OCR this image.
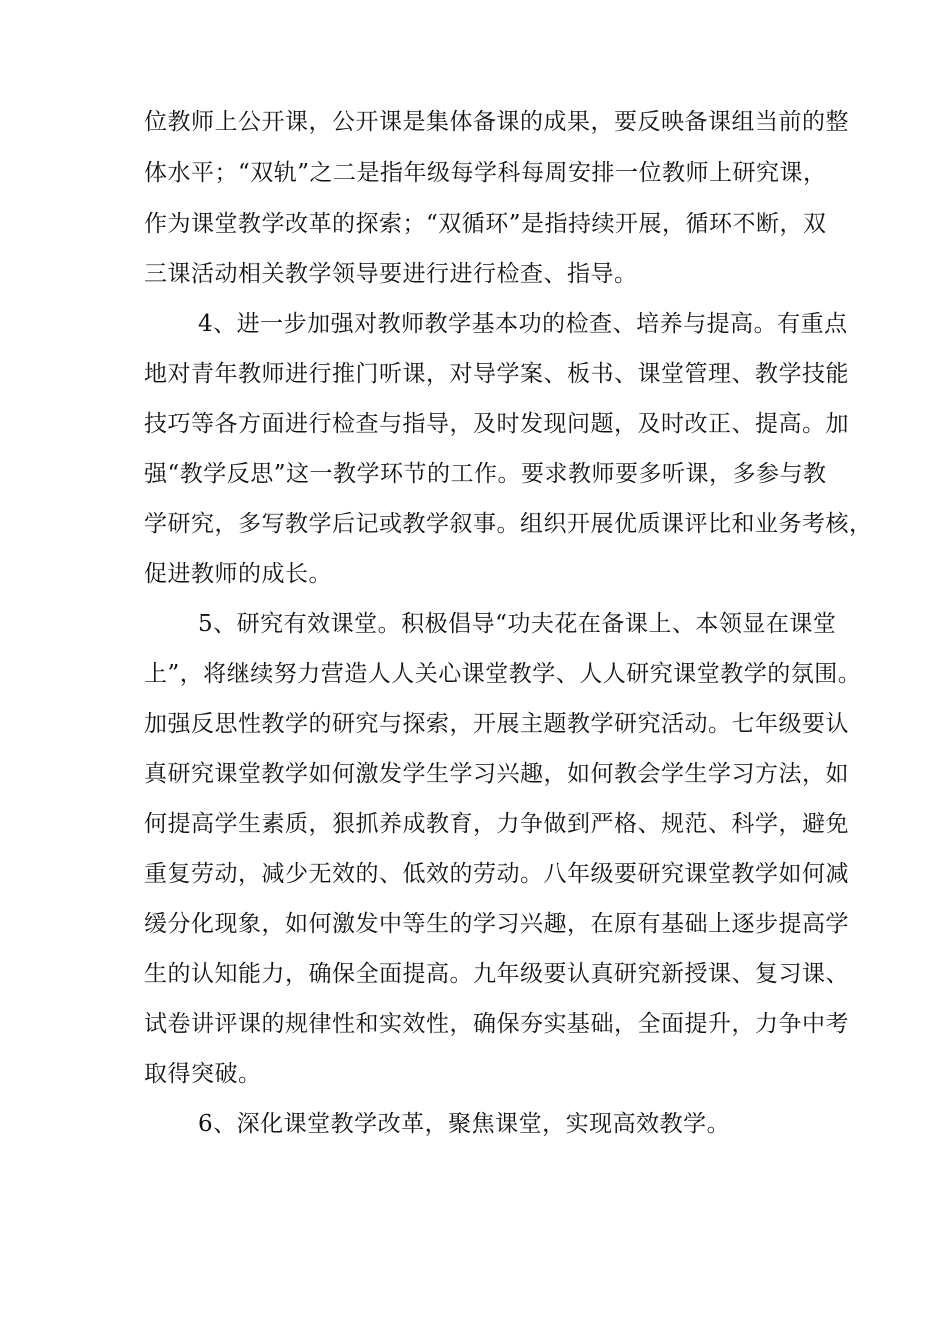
位教师上公开课，公开课是集体备课的成果，要反映备课组当前的整
体水平；“双轨”之二是指年级每学科每周安排一位教师上研究课，
作为课堂教学改革的探索；“双循环”是指持续开展，循环不断，双
三课活动相关教学领导要进行进行检查、指导。
4、进一步加强对教师教学基本功的检查、培养与提高。有重点
地对青年教师进行推门听课，对导学案、板书、课堂管理、教学技能
技巧等各方面进行检查与指导，及时发现问题，及时改正、提高。加
强“教学反思”这一教学环节的工作。要求教师要多听课，多参与教
学研究，多写教学后记或教学叙事。组织开展优质课评比和业务考核，
促进教师的成长。
5、研究有效课堂。积极倡导“功夫花在备课上、本领显在课堂
上”，将继续努力营造人人关心课堂教学、人人研究课堂教学的氛围。
加强反思性教学的研究与探索，开展主题教学研究活动。七年级要认
真研究课堂教学如何激发学生学习兴趣，如何教会学生学习方法，如
何提高学生素质，狠抓养成教育，力争做到严格、规范、科学，避免
重复劳动，减少无效的、低效的劳动。八年级要研究课堂教学如何减
缓分化现象，如何激发中等生的学习兴趣，在原有基础上逐步提高学
生的认知能力，确保全面提高。九年级要认真研究新授课、复习课、
试卷讲评课的规律性和实效性，确保夯实基础，全面提升，力争中考
取得突破。
6、深化课堂教学改革，聚焦课堂，实现高效教学。
